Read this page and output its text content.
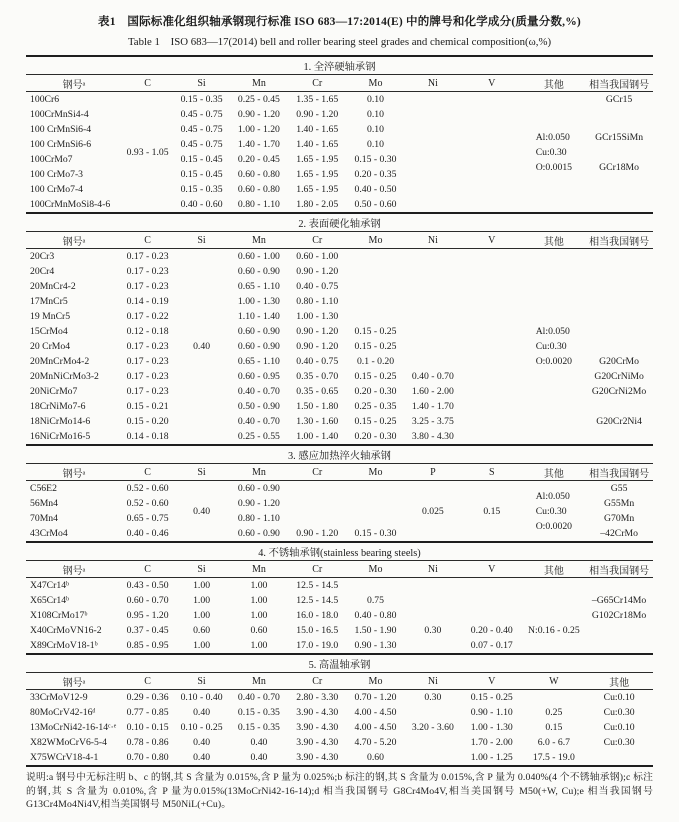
表1　国际标准化组织轴承钢现行标准 ISO 683—17:2014(E) 中的牌号和化学成分(质量分数,%)
Table 1　ISO 683—17(2014) bell and roller bearing steel grades and chemical composition(ω,%)
1. 全淬硬轴承钢									
钢号ᵃ	C	Si	Mn	Cr	Mo	Ni	V	其他	相当我国钢号
100Cr6	0.93 - 1.05	0.15 - 0.35	0.25 - 0.45	1.35 - 1.65	0.10			Al:0.050
Cu:0.30
O:0.0015	GCr15
100CrMnSi4-4		0.45 - 0.75	0.90 - 1.20	0.90 - 1.20	0.10				
100 CrMnSi6-4		0.45 - 0.75	1.00 - 1.20	1.40 - 1.65	0.10				GCr15SiMn
100 CrMnSi6-6		0.45 - 0.75	1.40 - 1.70	1.40 - 1.65	0.10				
100CrMo7		0.15 - 0.45	0.20 - 0.45	1.65 - 1.95	0.15 - 0.30				GCr18Mo
100 CrMo7-3		0.15 - 0.45	0.60 - 0.80	1.65 - 1.95	0.20 - 0.35				
100 CrMo7-4		0.15 - 0.35	0.60 - 0.80	1.65 - 1.95	0.40 - 0.50				
100CrMnMoSi8-4-6		0.40 - 0.60	0.80 - 1.10	1.80 - 2.05	0.50 - 0.60				
2. 表面硬化轴承钢									
钢号ᵃ	C	Si	Mn	Cr	Mo	Ni	V	其他	相当我国钢号
20Cr3	0.17 - 0.23	0.40	0.60 - 1.00	0.60 - 1.00				Al:0.050
Cu:0.30
O:0.0020	

20Cr4	0.17 - 0.23		0.60 - 0.90	0.90 - 1.20					
20MnCr4-2	0.17 - 0.23		0.65 - 1.10	0.40 - 0.75					
17MnCr5	0.14 - 0.19		1.00 - 1.30	0.80 - 1.10					
19 MnCr5	0.17 - 0.22		1.10 - 1.40	1.00 - 1.30					
15CrMo4	0.12 - 0.18		0.60 - 0.90	0.90 - 1.20	0.15 - 0.25				
20 CrMo4	0.17 - 0.23		0.60 - 0.90	0.90 - 1.20	0.15 - 0.25				
20MnCrMo4-2	0.17 - 0.23		0.65 - 1.10	0.40 - 0.75	0.1 - 0.20				G20CrMo
20MnNiCrMo3-2	0.17 - 0.23		0.60 - 0.95	0.35 - 0.70	0.15 - 0.25	0.40 - 0.70			G20CrNiMo
20NiCrMo7	0.17 - 0.23		0.40 - 0.70	0.35 - 0.65	0.20 - 0.30	1.60 - 2.00			G20CrNi2Mo
18CrNiMo7-6	0.15 - 0.21		0.50 - 0.90	1.50 - 1.80	0.25 - 0.35	1.40 - 1.70			
18NiCrMo14-6	0.15 - 0.20		0.40 - 0.70	1.30 - 1.60	0.15 - 0.25	3.25 - 3.75			G20Cr2Ni4
16NiCrMo16-5	0.14 - 0.18		0.25 - 0.55	1.00 - 1.40	0.20 - 0.30	3.80 - 4.30			
3. 感应加热淬火轴承钢									
钢号ᵃ	C	Si	Mn	Cr	Mo	P	S	其他	相当我国钢号
C56E2	0.52 - 0.60	0.40	0.60 - 0.90			0.025	0.15	Al:0.050
Cu:0.30
O:0.0020	G55
56Mn4	0.52 - 0.60		0.90 - 1.20						G55Mn
70Mn4	0.65 - 0.75		0.80 - 1.10						G70Mn
43CrMo4	0.40 - 0.46		0.60 - 0.90	0.90 - 1.20	0.15 - 0.30				–42CrMo
4. 不锈轴承钢(stainless bearing steels)									
钢号ᵃ	C	Si	Mn	Cr	Mo	Ni	V	其他	相当我国钢号
X47Cr14ᵇ	0.43 - 0.50	1.00	1.00	12.5 - 14.5					
X65Cr14ᵇ	0.60 - 0.70	1.00	1.00	12.5 - 14.5	0.75				–G65Cr14Mo
X108CrMo17ᵇ	0.95 - 1.20	1.00	1.00	16.0 - 18.0	0.40 - 0.80				G102Cr18Mo
X40CrMoVN16-2	0.37 - 0.45	0.60	0.60	15.0 - 16.5	1.50 - 1.90	0.30	0.20 - 0.40	N:0.16 - 0.25	
X89CrMoV18-1ᵇ	0.85 - 0.95	1.00	1.00	17.0 - 19.0	0.90 - 1.30		0.07 - 0.17		
5. 高温轴承钢									
钢号ᵃ	C	Si	Mn	Cr	Mo	Ni	V	W	其他
33CrMoV12-9	0.29 - 0.36	0.10 - 0.40	0.40 - 0.70	2.80 - 3.30	0.70 - 1.20	0.30	0.15 - 0.25		Cu:0.10
80MoCrV42-16ᵈ	0.77 - 0.85	0.40	0.15 - 0.35	3.90 - 4.30	4.00 - 4.50		0.90 - 1.10	0.25	Cu:0.30
13MoCrNi42-16-14ᶜ·ᵉ	0.10 - 0.15	0.10 - 0.25	0.15 - 0.35	3.90 - 4.30	4.00 - 4.50	3.20 - 3.60	1.00 - 1.30	0.15	Cu:0.10
X82WMoCrV6-5-4	0.78 - 0.86	0.40	0.40	3.90 - 4.30	4.70 - 5.20		1.70 - 2.00	6.0 - 6.7	Cu:0.30
X75WCrV18-4-1	0.70 - 0.80	0.40	0.40	3.90 - 4.30	0.60		1.00 - 1.25	17.5 - 19.0	
说明:a 钢号中无标注明 b、c 的钢,其 S 含量为 0.015%,含 P 量为 0.025%;b 标注的钢,其 S 含量为 0.015%,含 P 量为 0.040%(4 个不锈轴承钢);c 标注的钢,其 S 含量为 0.010%,含 P 量为0.015%(13MoCrNi42-16-14);d 相当我国钢号 G8Cr4Mo4V,相当美国钢号 M50(+W, Cu);e 相当我国钢号 G13Cr4Mo4Ni4V,相当美国钢号 M50NiL(+Cu)。
